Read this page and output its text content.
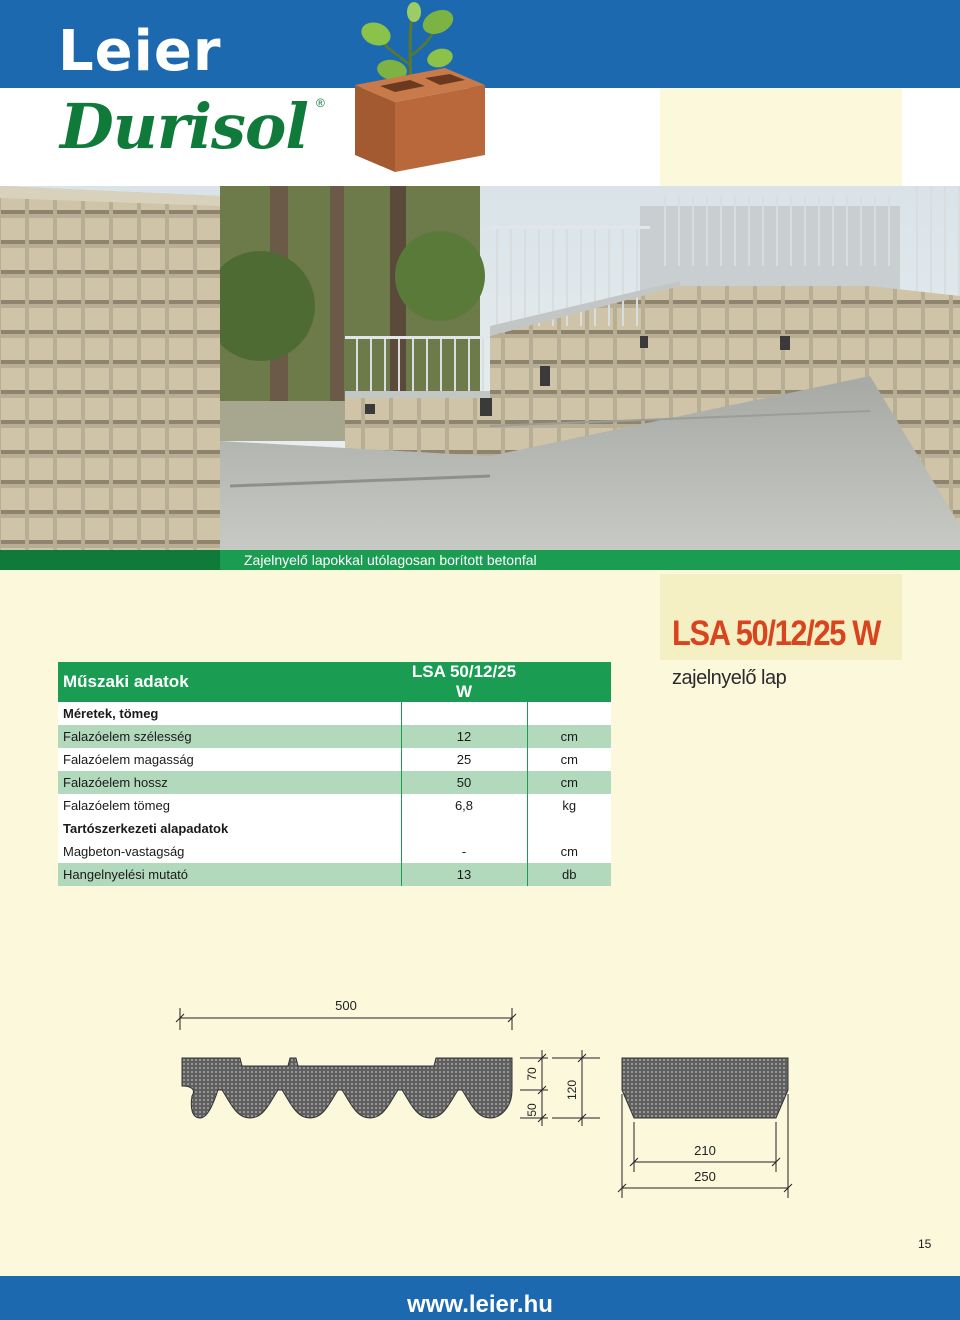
Leier
Durisol ®
Zajelnyelő lapokkal utólagosan borított betonfal
LSA 50/12/25 W
zajelnyelő lap
Műszaki adatok	LSA 50/12/25 W	
Méretek, tömeg		
Falazóelem szélesség	12	cm
Falazóelem magasság	25	cm
Falazóelem hossz	50	cm
Falazóelem tömeg	6,8	kg
Tartószerkezeti alapadatok		
Magbeton-vastagság	-	cm
Hangelnyelési mutató	13	db
500
50
70
120
210
250
15
www.leier.hu
